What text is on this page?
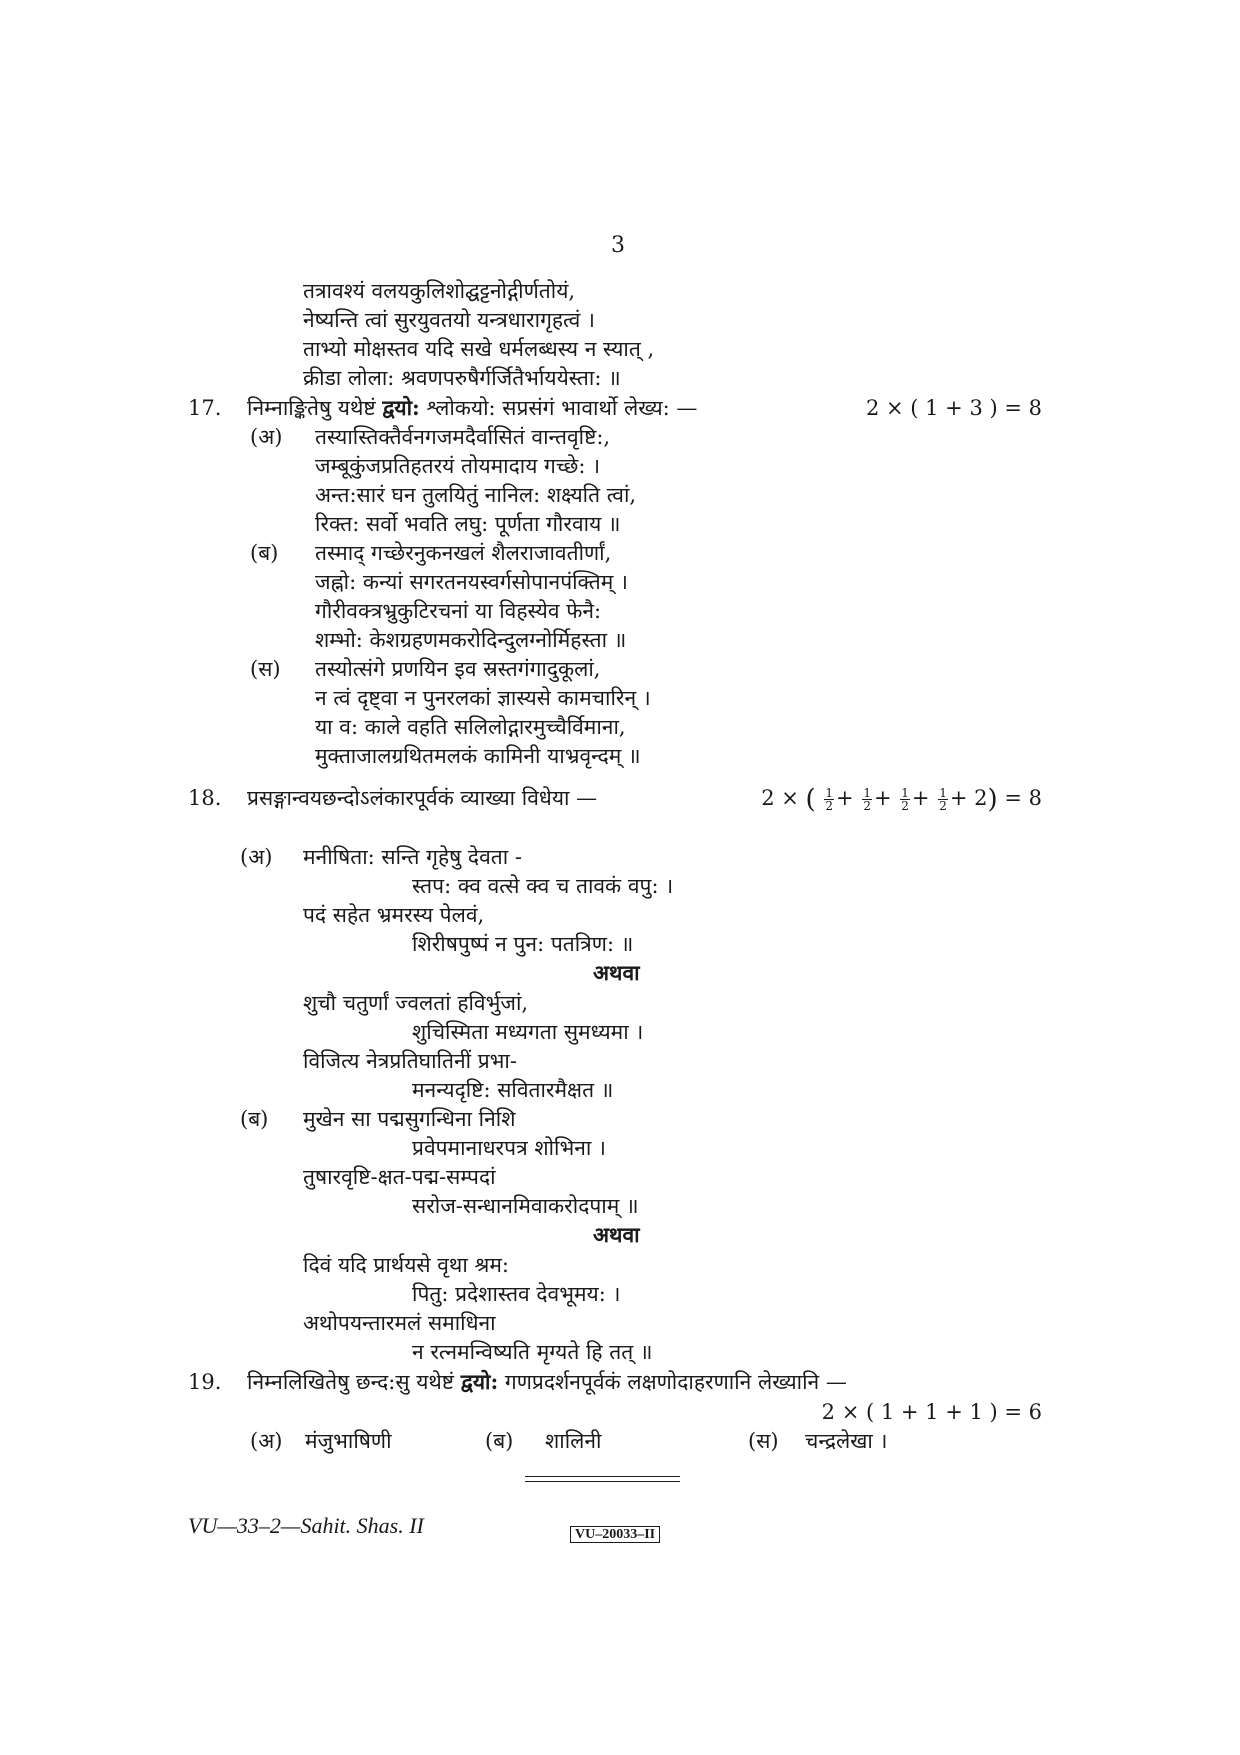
3
तत्रावश्यं वलयकुलिशोद्घट्टनोद्गीर्णतोयं,
नेष्यन्ति त्वां सुरयुवतयो यन्त्रधारागृहत्वं ।
ताभ्यो मोक्षस्तव यदि सखे धर्मलब्धस्य न स्यात् ,
क्रीडा लोला: श्रवणपरुषैर्गर्जितैर्भाययेस्ता: ॥
17. निम्नाङ्कितेषु यथेष्टं द्वयो: श्लोकयो: सप्रसंगं भावार्थो लेख्य: —	2 × ( 1 + 3 ) = 8
(अ) तस्यास्तिक्तैर्वनगजमदैर्वासितं वान्तवृष्टि:,
जम्बूकुंजप्रतिहतरयं तोयमादाय गच्छे: ।
अन्त:सारं घन तुलयितुं नानिल: शक्ष्यति त्वां,
रिक्त: सर्वो भवति लघु: पूर्णता गौरवाय ॥
(ब) तस्माद् गच्छेरनुकनखलं शैलराजावतीर्णां,
जह्नो: कन्यां सगरतनयस्वर्गसोपानपंक्तिम् ।
गौरीवक्त्रभ्रुकुटिरचनां या विहस्येव फेनै:
शम्भो: केशग्रहणमकरोदिन्दुलग्नोर्मिहस्ता ॥
(स) तस्योत्संगे प्रणयिन इव स्रस्तगंगादुकूलां,
न त्वं दृष्ट्वा न पुनरलकां ज्ञास्यसे कामचारिन् ।
या व: काले वहति सलिलोद्गारमुच्चैर्विमाना,
मुक्ताजालग्रथितमलकं कामिनी याभ्रवृन्दम् ॥
18. प्रसङ्गान्वयछन्दोऽलंकारपूर्वकं व्याख्या विधेया —	2 × ( $\frac{1}{2} + \frac{1}{2} + \frac{1}{2} + \frac{1}{2} + 2) = 8$
(अ) मनीषिता: सन्ति गृहेषु देवता -
स्तप: क्व वत्से क्व च तावकं वपु: ।
पदं सहेत भ्रमरस्य पेलवं,
शिरीषपुष्पं न पुन: पतत्रिण: ॥
अथवा
शुचौ चतुर्णां ज्वलतां हविर्भुजां,
शुचिस्मिता मध्यगता सुमध्यमा ।
विजित्य नेत्रप्रतिघातिनीं प्रभा-
मनन्यदृष्टि: सवितारमैक्षत ॥
(ब) मुखेन सा पद्मसुगन्धिना निशि
प्रवेपमानाधरपत्र शोभिना ।
तुषारवृष्टि-क्षत-पद्म-सम्पदां
सरोज-सन्धानमिवाकरोदपाम् ॥
अथवा
दिवं यदि प्रार्थयसे वृथा श्रम:
पितु: प्रदेशास्तव देवभूमय: ।
अथोपयन्तारमलं समाधिना
न रत्नमन्विष्यति मृग्यते हि तत् ॥
19. निम्नलिखितेषु छन्द:सु यथेष्टं द्वयो: गणप्रदर्शनपूर्वकं लक्षणोदाहरणानि लेख्यानि —
2 × ( 1 + 1 + 1 ) = 6
(अ) मंजुभाषिणी	(ब) शालिनी	(स) चन्द्रलेखा ।
VU—33–2—Sahit. Shas. II	VU–20033–II
